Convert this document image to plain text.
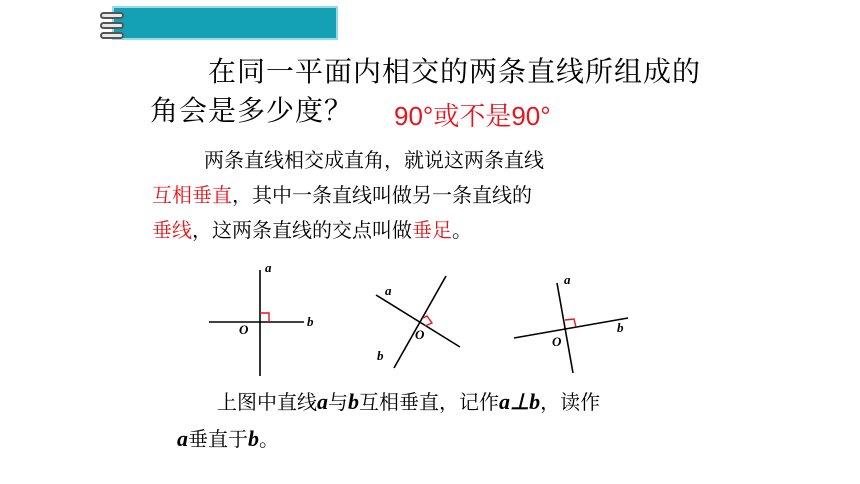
在同一平面内相交的两条直线所组成的
角会是多少度？ 90°或不是90°
两条直线相交成直角，就说这两条直线
互相垂直，其中一条直线叫做另一条直线的
垂线，这两条直线的交点叫做垂足。
a
b
O
a
b
O
a
b
O
上图中直线a与b互相垂直，记作a⊥b，读作
a垂直于b。
